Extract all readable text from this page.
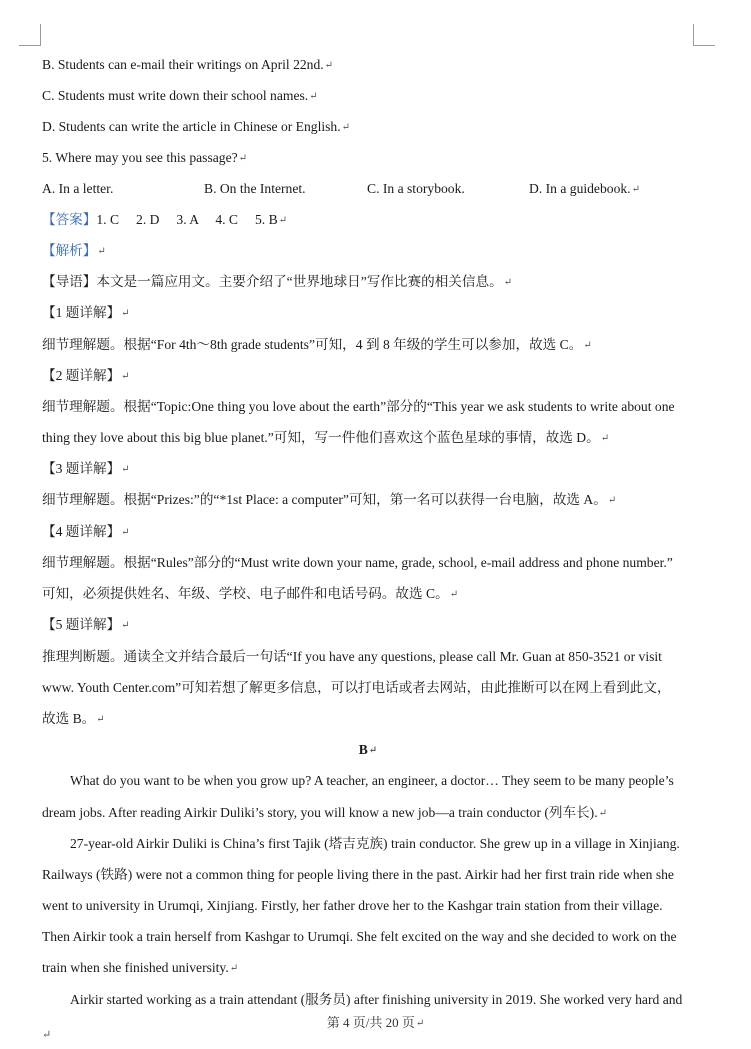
B. Students can e-mail their writings on April 22nd.↵
C. Students must write down their school names.↵
D. Students can write the article in Chinese or English.↵
5. Where may you see this passage?↵
A. In a letter.	B. On the Internet.	C. In a storybook.	D. In a guidebook.↵
【答案】1. C　 2. D　 3. A　 4. C　 5. B↵
【解析】↵
【导语】本文是一篇应用文。主要介绍了“世界地球日”写作比赛的相关信息。↵
【1 题详解】↵
细节理解题。根据“For 4th～8th grade students”可知，4 到 8 年级的学生可以参加，故选 C。↵
【2 题详解】↵
细节理解题。根据“Topic:One thing you love about the earth”部分的“This year we ask students to write about one
thing they love about this big blue planet.”可知，写一件他们喜欢这个蓝色星球的事情，故选 D。↵
【3 题详解】↵
细节理解题。根据“Prizes:”的“*1st Place: a computer”可知，第一名可以获得一台电脑，故选 A。↵
【4 题详解】↵
细节理解题。根据“Rules”部分的“Must write down your name, grade, school, e-mail address and phone number.”
可知，必须提供姓名、年级、学校、电子邮件和电话号码。故选 C。↵
【5 题详解】↵
推理判断题。通读全文并结合最后一句话“If you have any questions, please call Mr. Guan at 850-3521 or visit
www. Youth Center.com”可知若想了解更多信息，可以打电话或者去网站，由此推断可以在网上看到此文，
故选 B。↵
B↵
What do you want to be when you grow up? A teacher, an engineer, a doctor… They seem to be many people’s
dream jobs. After reading Airkir Duliki’s story, you will know a new job—a train conductor (列车长).↵
27-year-old Airkir Duliki is China’s first Tajik (塔吉克族) train conductor. She grew up in a village in Xinjiang.
Railways (铁路) were not a common thing for people living there in the past. Airkir had her first train ride when she
went to university in Urumqi, Xinjiang. Firstly, her father drove her to the Kashgar train station from their village.
Then Airkir took a train herself from Kashgar to Urumqi. She felt excited on the way and she decided to work on the
train when she finished university.↵
Airkir started working as a train attendant (服务员) after finishing university in 2019. She worked very hard and
第 4 页/共 20 页↵
↵
